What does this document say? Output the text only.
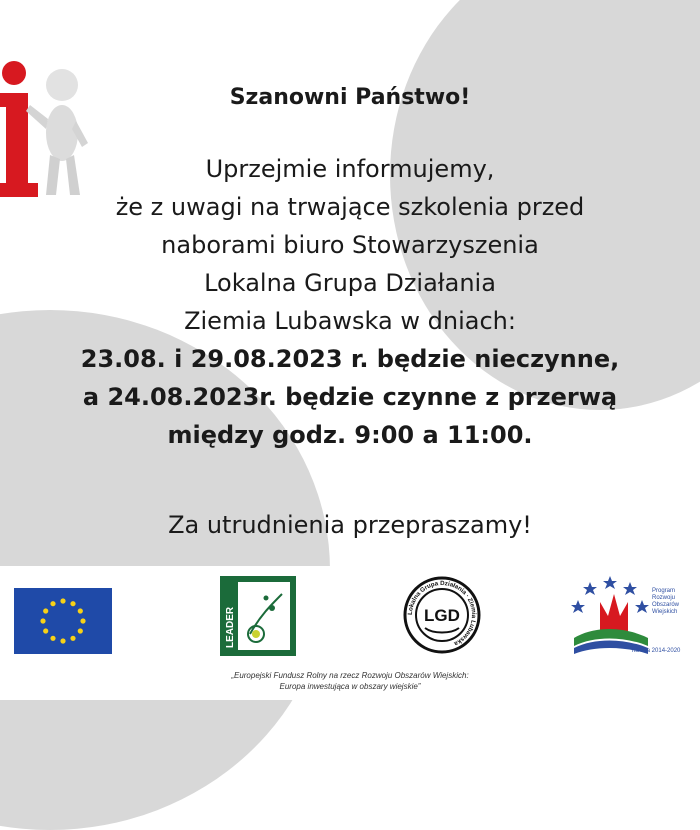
Szanowni Państwo!
Uprzejmie informujemy,
że z uwagi na trwające szkolenia przed
naborami biuro Stowarzyszenia
Lokalna Grupa Działania
Ziemia Lubawska w dniach:
23.08. i 29.08.2023 r. będzie nieczynne,
a 24.08.2023r. będzie czynne z przerwą
między godz. 9:00 a 11:00.
Za utrudnienia przepraszamy!
LEADER	Lokalna Grupa Działania · Ziemia Lubawska
LGD
Program
Rozwoju
Obszarów
Wiejskich
na lata 2014-2020
„Europejski Fundusz Rolny na rzecz Rozwoju Obszarów Wiejskich:
Europa inwestująca w obszary wiejskie”
